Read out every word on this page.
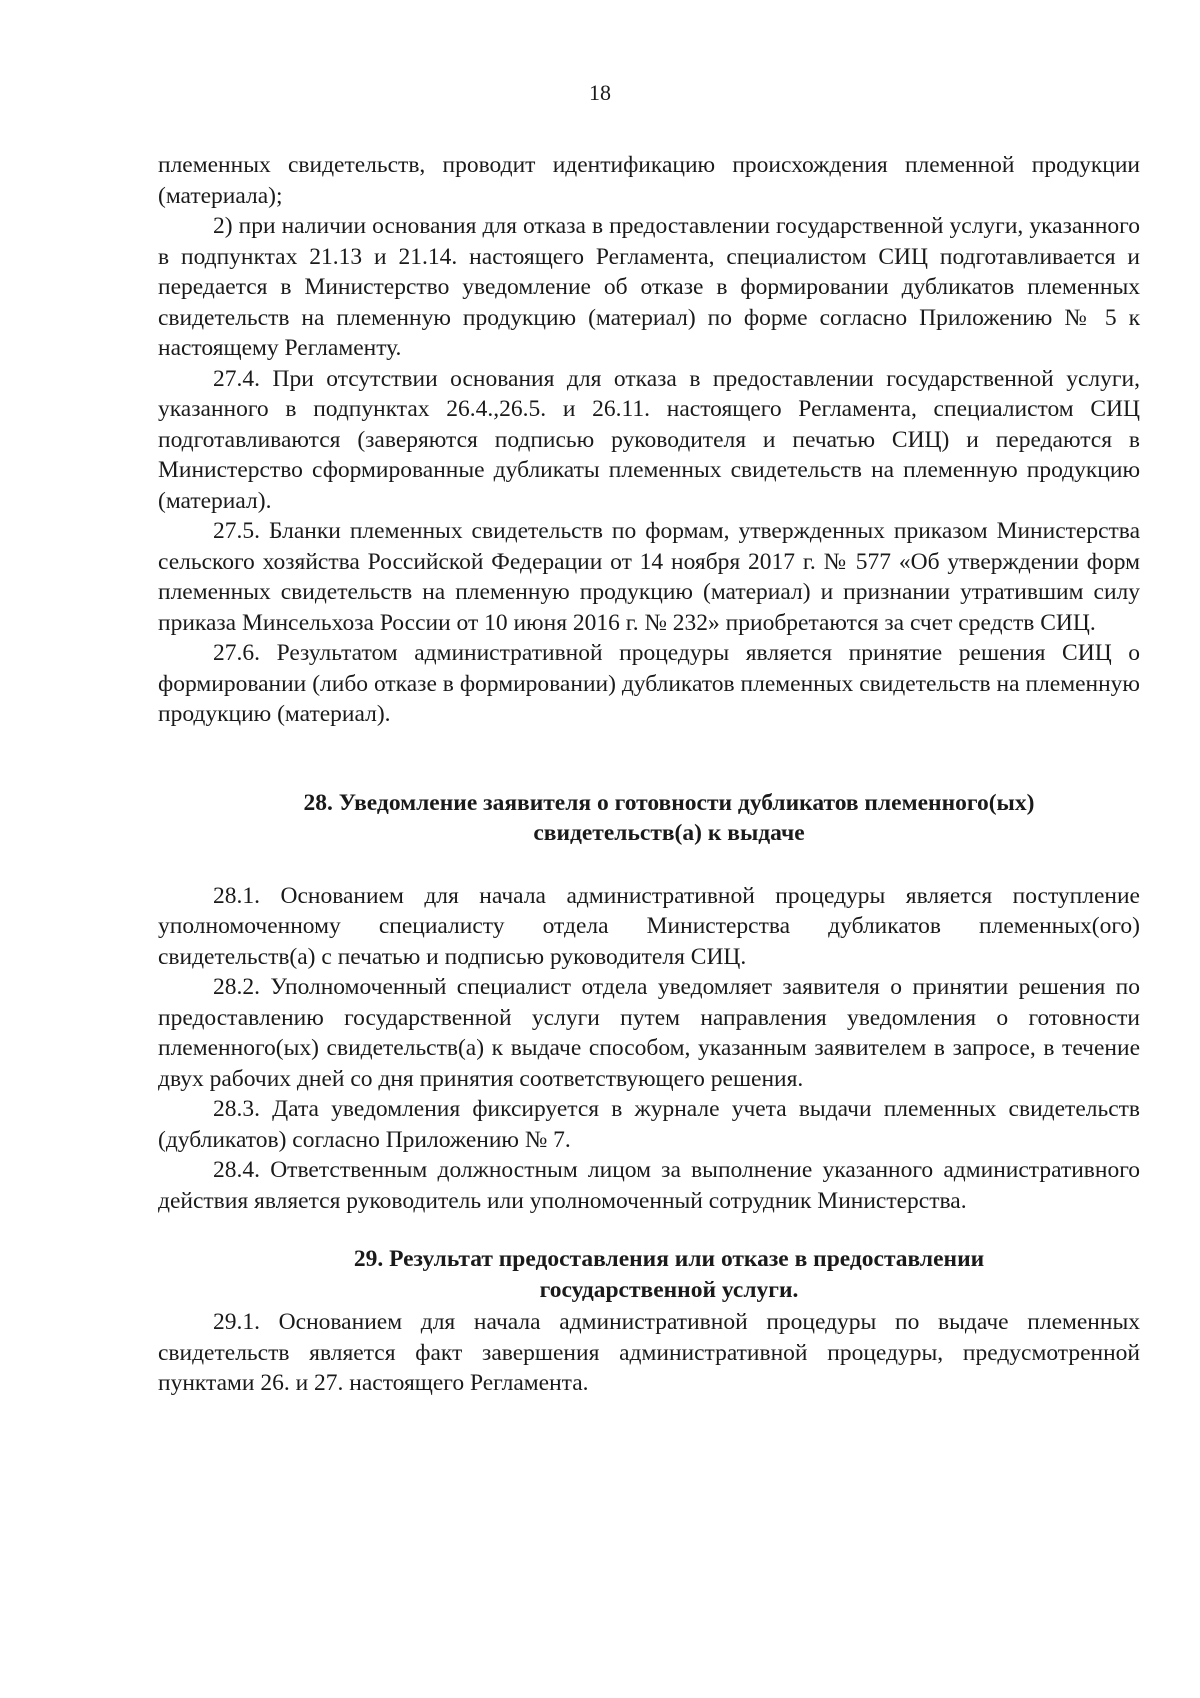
18

племенных свидетельств, проводит идентификацию происхождения племенной продукции (материала);

2) при наличии основания для отказа в предоставлении государственной услуги, указанного в подпунктах 21.13 и 21.14. настоящего Регламента, специалистом СИЦ подготавливается и передается в Министерство уведомление об отказе в формировании дубликатов племенных свидетельств на племенную продукцию (материал) по форме согласно Приложению № 5 к настоящему Регламенту.

27.4. При отсутствии основания для отказа в предоставлении государственной услуги, указанного в подпунктах 26.4.,26.5. и 26.11. настоящего Регламента, специалистом СИЦ подготавливаются (заверяются подписью руководителя и печатью СИЦ) и передаются в Министерство сформированные дубликаты племенных свидетельств на племенную продукцию (материал).

27.5. Бланки племенных свидетельств по формам, утвержденных приказом Министерства сельского хозяйства Российской Федерации от 14 ноября 2017 г. № 577 «Об утверждении форм племенных свидетельств на племенную продукцию (материал) и признании утратившим силу приказа Минсельхоза России от 10 июня 2016 г. № 232» приобретаются за счет средств СИЦ.

27.6. Результатом административной процедуры является принятие решения СИЦ о формировании (либо отказе в формировании) дубликатов племенных свидетельств на племенную продукцию (материал).

28. Уведомление заявителя о готовности дубликатов племенного(ых)
свидетельств(а) к выдаче

28.1. Основанием для начала административной процедуры является поступление уполномоченному специалисту отдела Министерства дубликатов племенных(ого) свидетельств(а) с печатью и подписью руководителя СИЦ.

28.2. Уполномоченный специалист отдела уведомляет заявителя о принятии решения по предоставлению государственной услуги путем направления уведомления о готовности племенного(ых) свидетельств(а) к выдаче способом, указанным заявителем в запросе, в течение двух рабочих дней со дня принятия соответствующего решения.

28.3. Дата уведомления фиксируется в журнале учета выдачи племенных свидетельств (дубликатов) согласно Приложению № 7.

28.4. Ответственным должностным лицом за выполнение указанного административного действия является руководитель или уполномоченный сотрудник Министерства.

29. Результат предоставления или отказе в предоставлении
государственной услуги.

29.1. Основанием для начала административной процедуры по выдаче племенных свидетельств является факт завершения административной процедуры, предусмотренной пунктами 26. и 27. настоящего Регламента.
